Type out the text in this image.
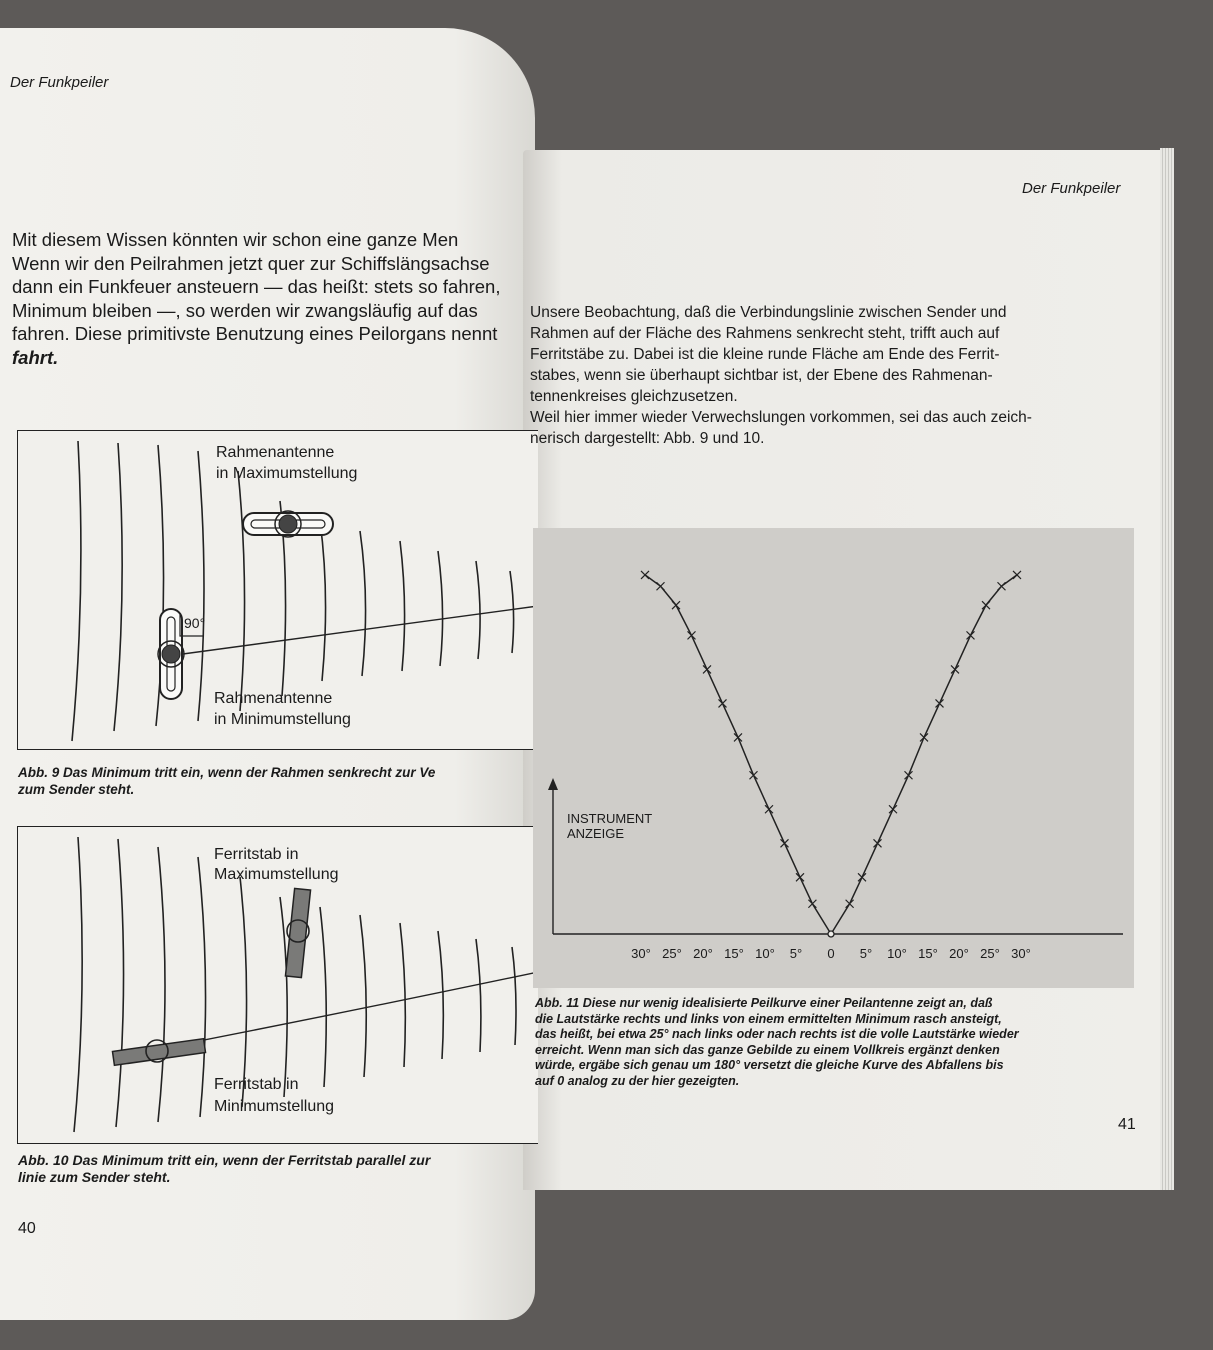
Der Funkpeiler
Mit diesem Wissen könnten wir schon eine ganze Men
Wenn wir den Peilrahmen jetzt quer zur Schiffslängsachse
dann ein Funkfeuer ansteuern — das heißt: stets so fahren,
Minimum bleiben —, so werden wir zwangsläufig auf das
fahren. Diese primitivste Benutzung eines Peilorgans nennt
fahrt.
Rahmenantenne
in Maximumstellung
90°
Rahmenantenne
in Minimumstellung
Abb. 9 Das Minimum tritt ein, wenn der Rahmen senkrecht zur Ve
zum Sender steht.
Ferritstab in
Maximumstellung
Ferritstab in
Minimumstellung
Abb. 10 Das Minimum tritt ein, wenn der Ferritstab parallel zur
linie zum Sender steht.
40
Der Funkpeiler
Unsere Beobachtung, daß die Verbindungslinie zwischen Sender und
Rahmen auf der Fläche des Rahmens senkrecht steht, trifft auch auf
Ferritstäbe zu. Dabei ist die kleine runde Fläche am Ende des Ferrit-
stabes, wenn sie überhaupt sichtbar ist, der Ebene des Rahmenan-
tennenkreises gleichzusetzen.
Weil hier immer wieder Verwechslungen vorkommen, sei das auch zeich-
nerisch dargestellt: Abb. 9 und 10.
30° 25° 20° 15° 10° 5° 0 5° 10° 15° 20° 25° 30°
INSTRUMENT
ANZEIGE
Abb. 11 Diese nur wenig idealisierte Peilkurve einer Peilantenne zeigt an, daß
die Lautstärke rechts und links von einem ermittelten Minimum rasch ansteigt,
das heißt, bei etwa 25° nach links oder nach rechts ist die volle Lautstärke wieder
erreicht. Wenn man sich das ganze Gebilde zu einem Vollkreis ergänzt denken
würde, ergäbe sich genau um 180° versetzt die gleiche Kurve des Abfallens bis
auf 0 analog zu der hier gezeigten.
41
